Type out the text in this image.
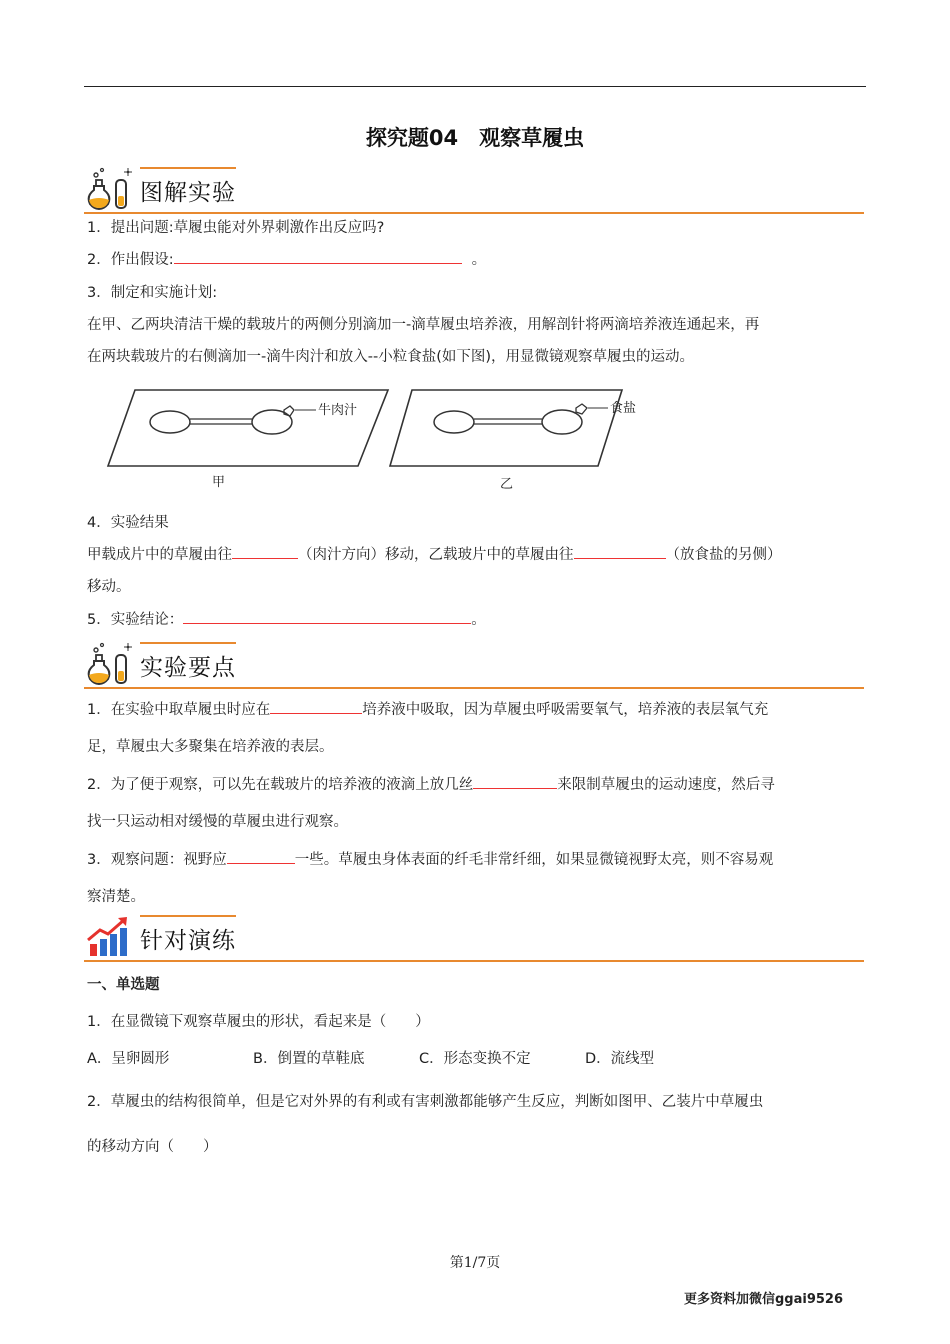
探究题04　观察草履虫
图解实验
1．提出问题:草履虫能对外界刺激作出反应吗?
2．作出假设:	。
3．制定和实施计划:
在甲、乙两块清洁干燥的载玻片的两侧分别滴加一-滴草履虫培养液，用解剖针将两滴培养液连通起来，再
在两块载玻片的右侧滴加一-滴牛肉汁和放入--小粒食盐(如下图)，用显微镜观察草履虫的运动。
牛肉汁	食盐
甲	乙
4．实验结果
甲载成片中的草履由往	（肉汁方向）移动，乙载玻片中的草履由往	（放食盐的另侧）
移动。
5．实验结论：	。
实验要点
1．在实验中取草履虫时应在	培养液中吸取，因为草履虫呼吸需要氧气，培养液的表层氧气充
足，草履虫大多聚集在培养液的表层。
2．为了便于观察，可以先在载玻片的培养液的液滴上放几丝	来限制草履虫的运动速度，然后寻
找一只运动相对缓慢的草履虫进行观察。
3．观察问题：视野应	一些。草履虫身体表面的纤毛非常纤细，如果显微镜视野太亮，则不容易观
察清楚。
针对演练
一、单选题
1．在显微镜下观察草履虫的形状，看起来是（　　）
A．呈卵圆形	B．倒置的草鞋底	C．形态变换不定	D．流线型
2．草履虫的结构很简单，但是它对外界的有利或有害刺激都能够产生反应，判断如图甲、乙装片中草履虫
的移动方向（　　）
第1/7页
更多资料加微信ggai9526
